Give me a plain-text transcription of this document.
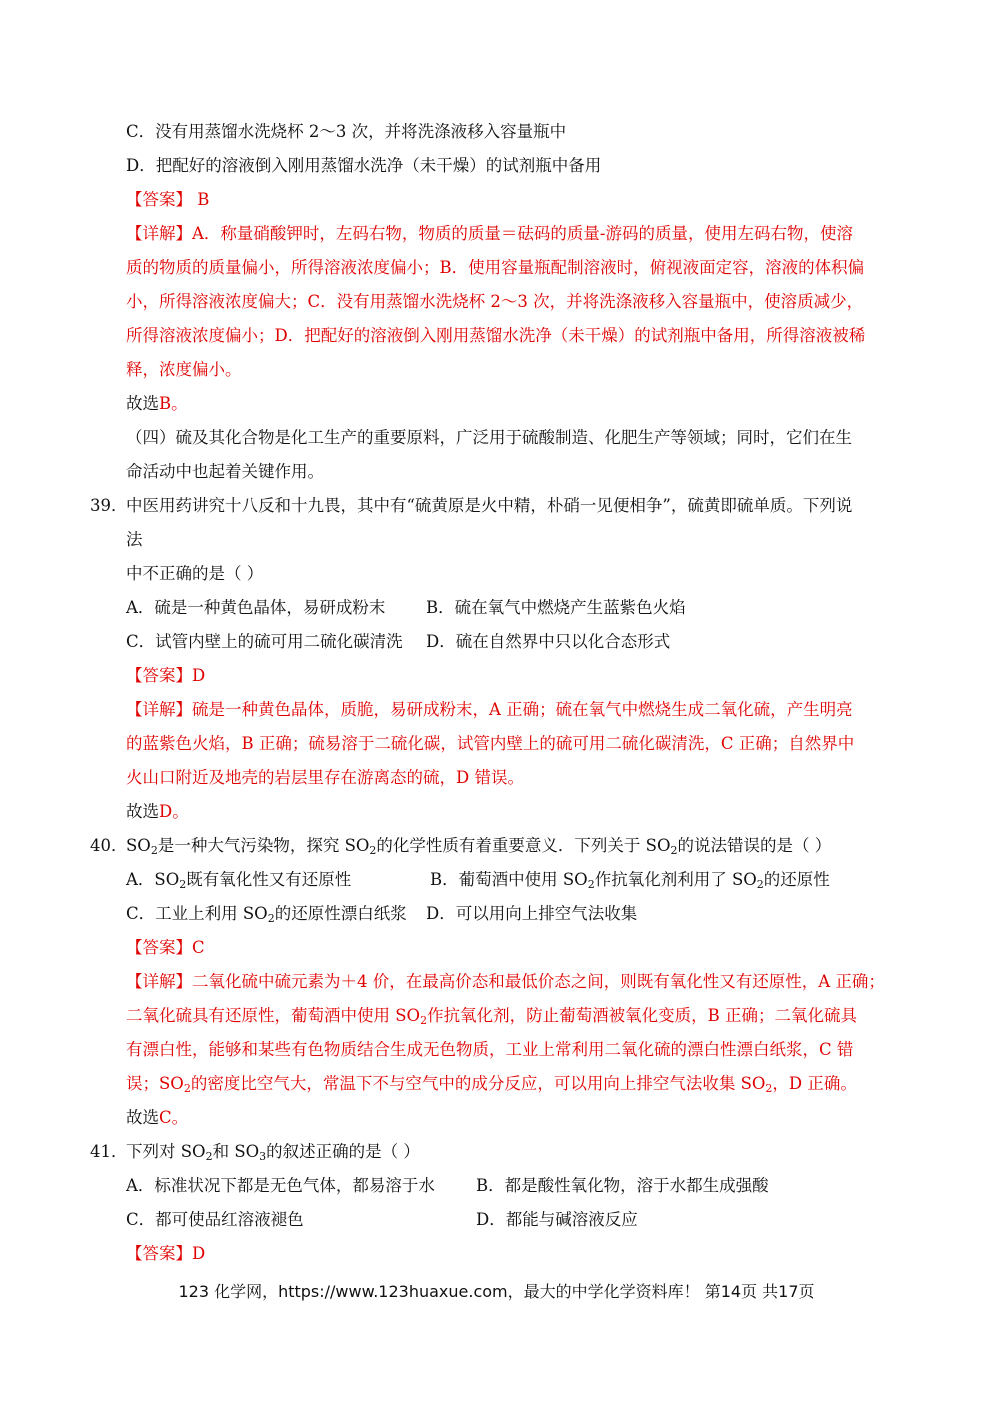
C．没有用蒸馏水洗烧杯 2～3 次，并将洗涤液移入容量瓶中
D．把配好的溶液倒入刚用蒸馏水洗净（未干燥）的试剂瓶中备用
【答案】 B
【详解】A．称量硝酸钾时，左码右物，物质的质量＝砝码的质量-游码的质量，使用左码右物，使溶
质的物质的质量偏小，所得溶液浓度偏小；B．使用容量瓶配制溶液时，俯视液面定容，溶液的体积偏
小，所得溶液浓度偏大；C．没有用蒸馏水洗烧杯 2～3 次，并将洗涤液移入容量瓶中，使溶质减少，
所得溶液浓度偏小；D．把配好的溶液倒入刚用蒸馏水洗净（未干燥）的试剂瓶中备用，所得溶液被稀
释，浓度偏小。
故选B。
（四）硫及其化合物是化工生产的重要原料，广泛用于硫酸制造、化肥生产等领域；同时，它们在生
命活动中也起着关键作用。
39．
中医用药讲究十八反和十九畏，其中有“硫黄原是火中精，朴硝一见便相争”，硫黄即硫单质。下列说
法
中不正确的是（ ）
A．硫是一种黄色晶体，易研成粉末 B．硫在氧气中燃烧产生蓝紫色火焰
C．试管内壁上的硫可用二硫化碳清洗 D．硫在自然界中只以化合态形式
【答案】D
【详解】硫是一种黄色晶体，质脆，易研成粉末，A 正确；硫在氧气中燃烧生成二氧化硫，产生明亮
的蓝紫色火焰，B 正确；硫易溶于二硫化碳，试管内壁上的硫可用二硫化碳清洗，C 正确；自然界中
火山口附近及地壳的岩层里存在游离态的硫，D 错误。
故选D。
40．
$SO_2$是一种大气污染物，探究 $SO_2$的化学性质有着重要意义．下列关于 $SO_2$的说法错误的是（ ）
A．$SO_2$既有氧化性又有还原性	B．葡萄酒中使用 $SO_2$作抗氧化剂利用了 $SO_2$的还原性
C．工业上利用 $SO_2$的还原性漂白纸浆 D．可以用向上排空气法收集
【答案】C
【详解】二氧化硫中硫元素为＋4 价，在最高价态和最低价态之间，则既有氧化性又有还原性，A 正确；
二氧化硫具有还原性，葡萄酒中使用 $SO_2$作抗氧化剂，防止葡萄酒被氧化变质，B 正确；二氧化硫具
有漂白性，能够和某些有色物质结合生成无色物质，工业上常利用二氧化硫的漂白性漂白纸浆，C 错
误；$SO_2$的密度比空气大，常温下不与空气中的成分反应，可以用向上排空气法收集 $SO_2$，D 正确。
故选C。
41．
下列对 $SO_2$和 $SO_3$的叙述正确的是（ ）
A．标准状况下都是无色气体，都易溶于水 B．都是酸性氧化物，溶于水都生成强酸
C．都可使品红溶液褪色	D．都能与碱溶液反应
【答案】D
123 化学网，https://www.123huaxue.com，最大的中学化学资料库！ 第14页 共17页
